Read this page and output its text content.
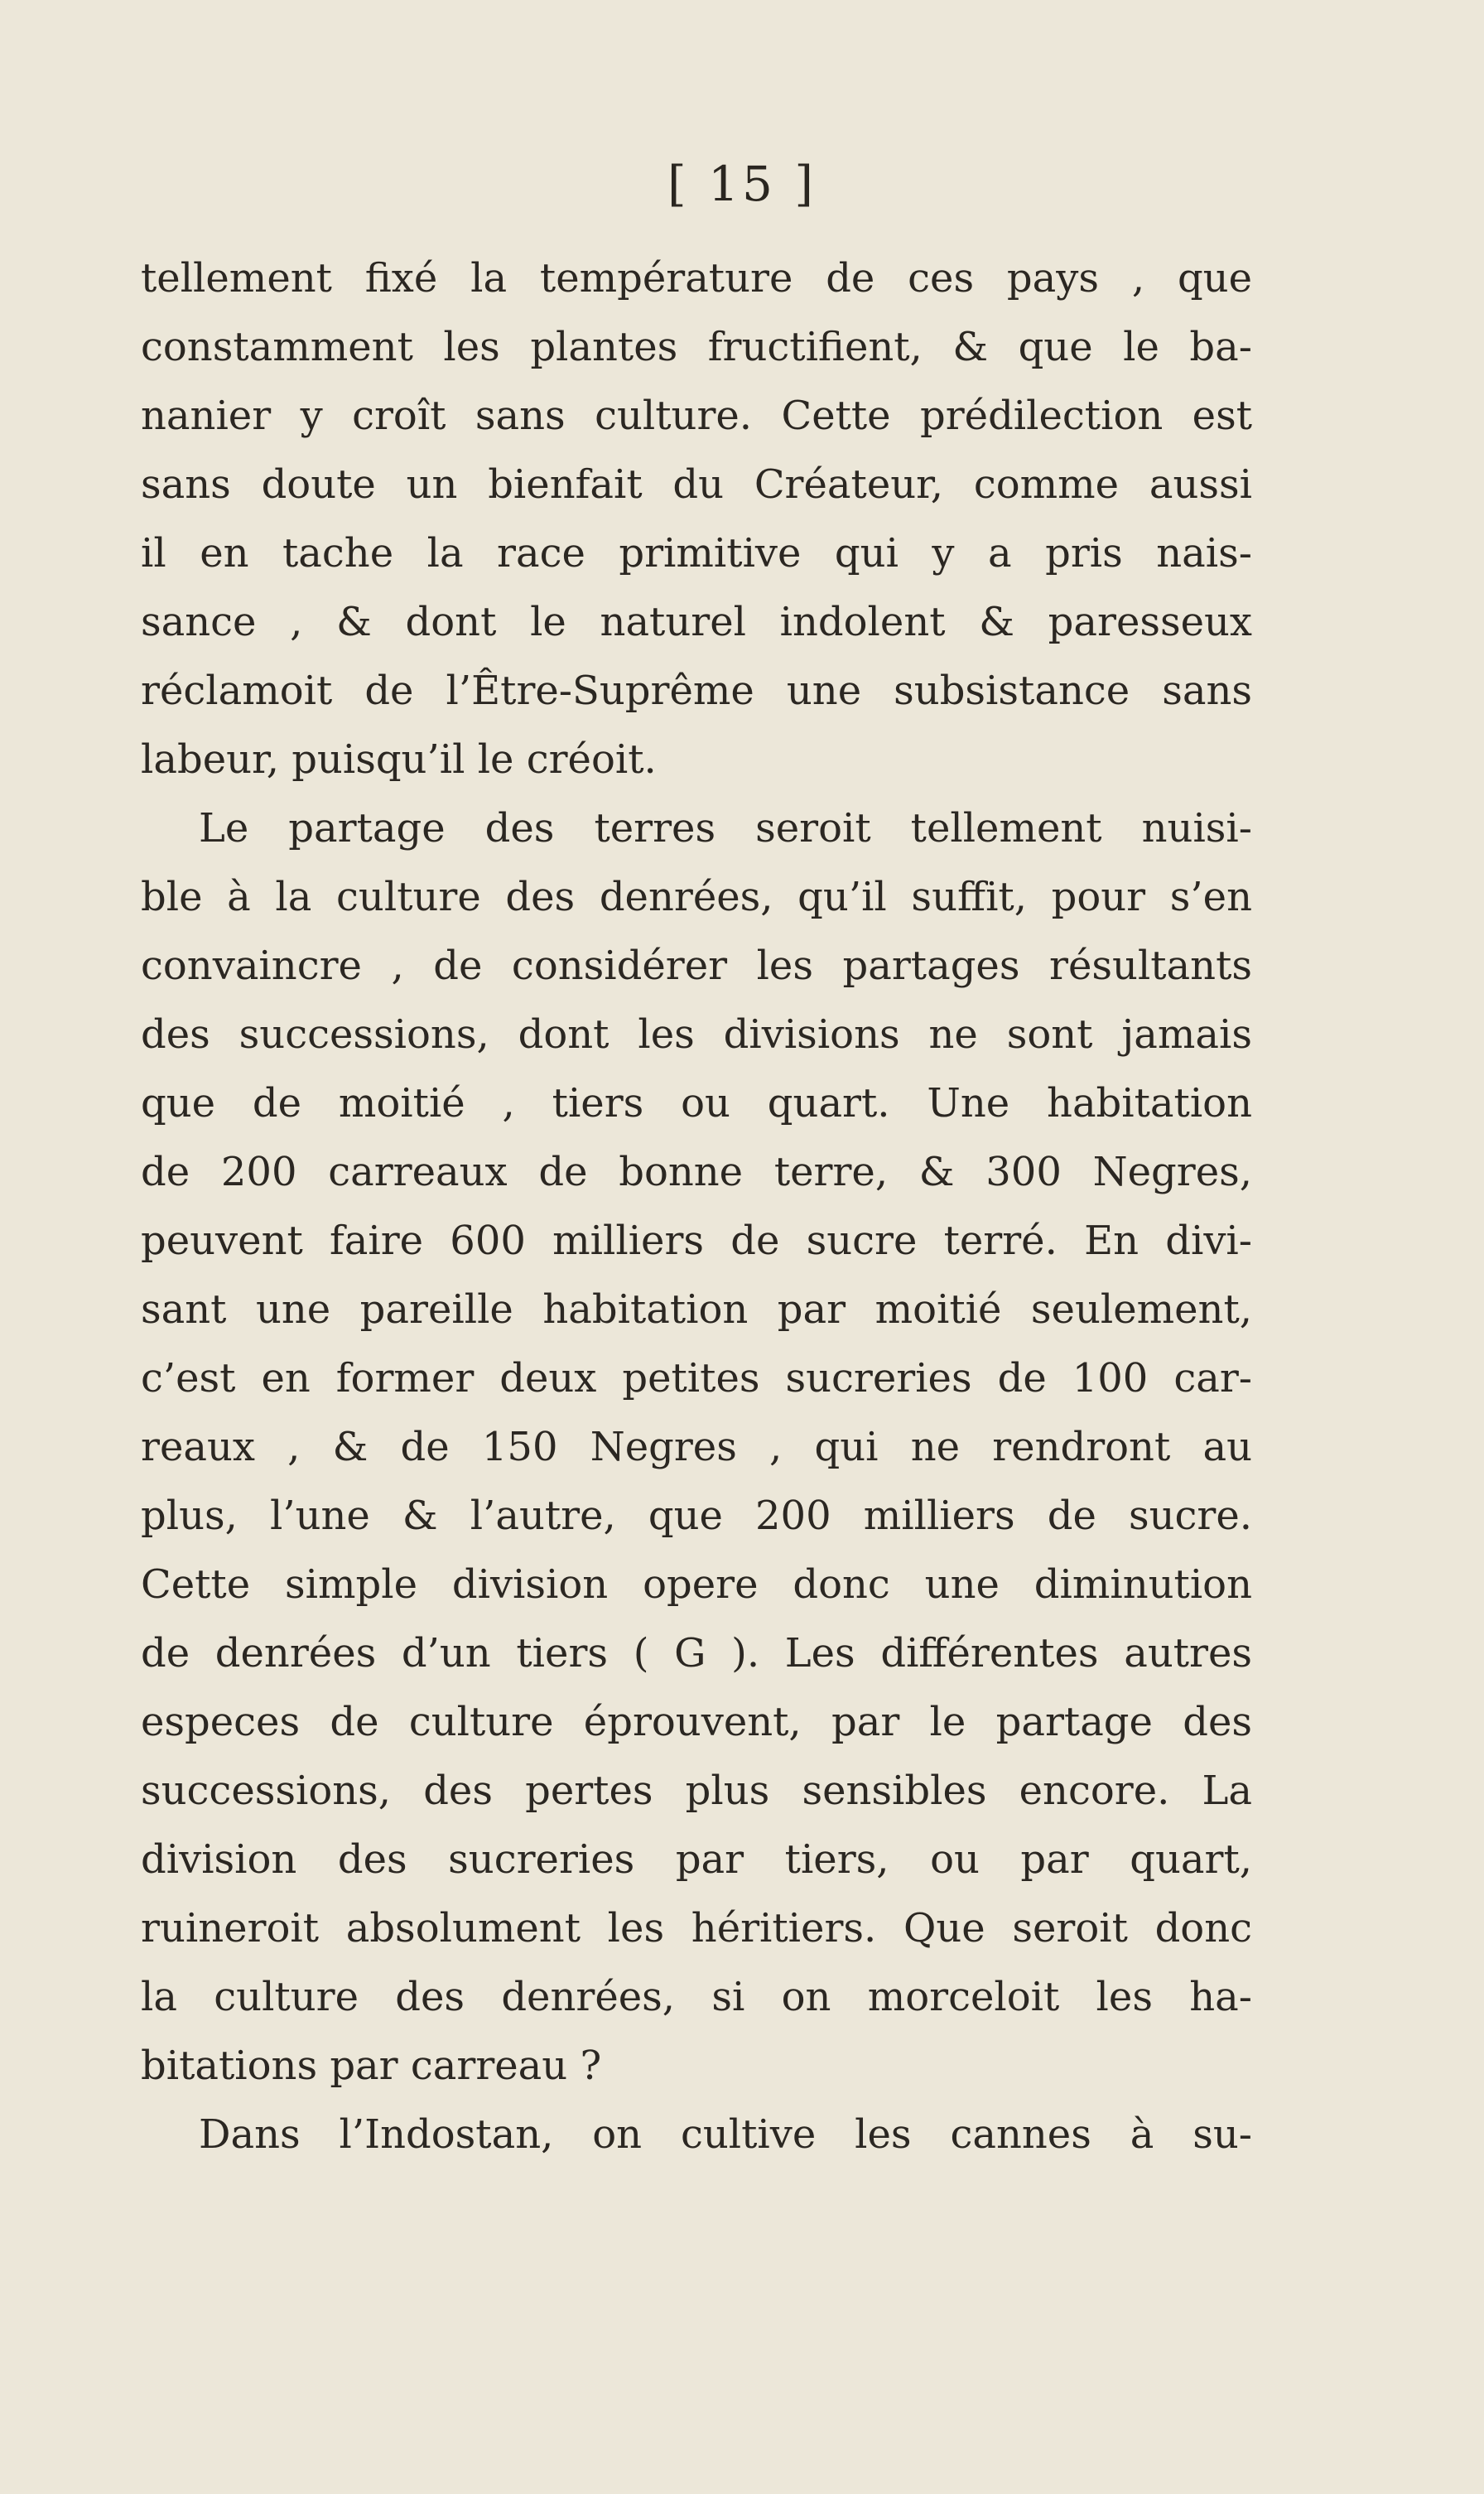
[ 15 ]
tellement fixé la température de ces pays , que
constamment les plantes fructifient, & que le ba-
nanier y croît sans culture. Cette prédilection est
sans doute un bienfait du Créateur, comme aussi
il en tache la race primitive qui y a pris nais-
sance , & dont le naturel indolent & paresseux
réclamoit de l’Être-Suprême une subsistance sans
labeur, puisqu’il le créoit.
Le partage des terres seroit tellement nuisi-
ble à la culture des denrées, qu’il suffit, pour s’en
convaincre , de considérer les partages résultants
des successions, dont les divisions ne sont jamais
que de moitié , tiers ou quart. Une habitation
de 200 carreaux de bonne terre, & 300 Negres,
peuvent faire 600 milliers de sucre terré. En divi-
sant une pareille habitation par moitié seulement,
c’est en former deux petites sucreries de 100 car-
reaux , & de 150 Negres , qui ne rendront au
plus, l’une & l’autre, que 200 milliers de sucre.
Cette simple division opere donc une diminution
de denrées d’un tiers ( G ). Les différentes autres
especes de culture éprouvent, par le partage des
successions, des pertes plus sensibles encore. La
division des sucreries par tiers, ou par quart,
ruineroit absolument les héritiers. Que seroit donc
la culture des denrées, si on morceloit les ha-
bitations par carreau ?
Dans l’Indostan, on cultive les cannes à su-
